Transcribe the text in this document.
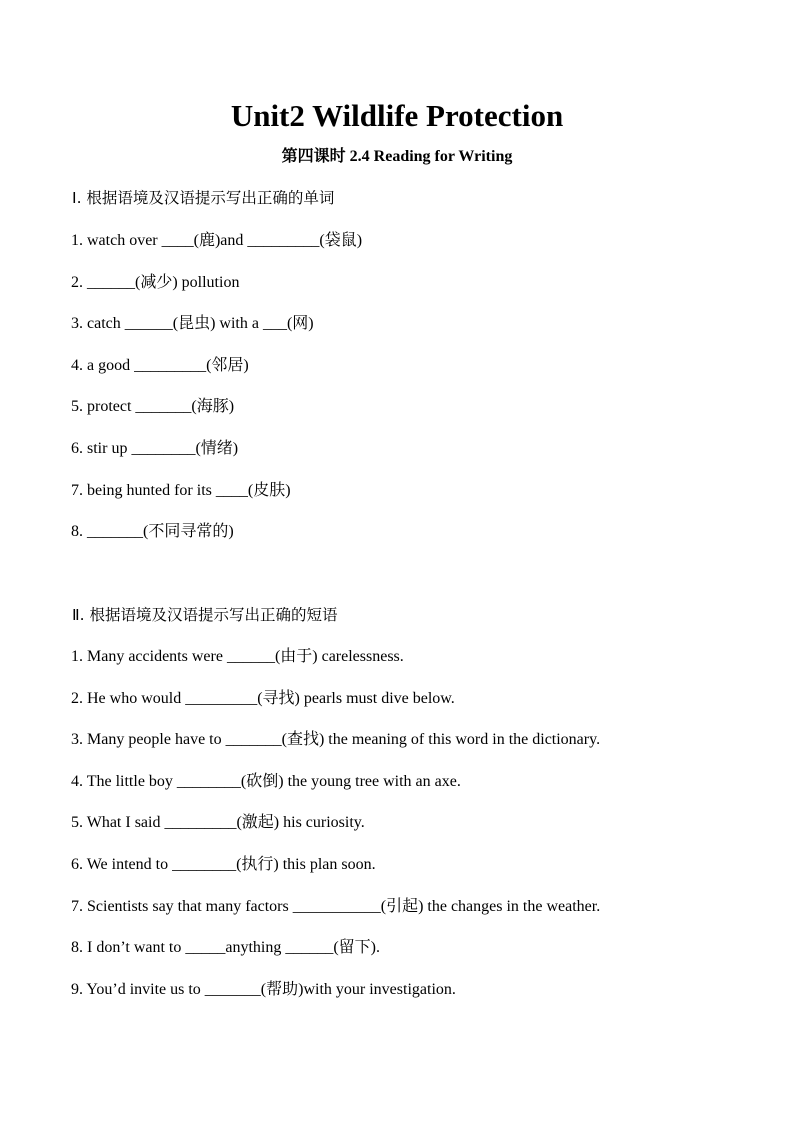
Unit2 Wildlife Protection
第四课时 2.4 Reading for Writing
Ⅰ. 根据语境及汉语提示写出正确的单词
1. watch over ____(鹿)and _________(袋鼠)
2. ______(减少) pollution
3. catch ______(昆虫) with a ___(网)
4. a good _________(邻居)
5. protect _______(海豚)
6. stir up ________(情绪)
7. being hunted for its ____(皮肤)
8. _______(不同寻常的)
Ⅱ. 根据语境及汉语提示写出正确的短语
1. Many accidents were ______(由于) carelessness.
2. He who would _________(寻找) pearls must dive below.
3. Many people have to _______(查找) the meaning of this word in the dictionary.
4. The little boy ________(砍倒) the young tree with an axe.
5. What I said _________(激起) his curiosity.
6. We intend to ________(执行) this plan soon.
7. Scientists say that many factors ___________(引起) the changes in the weather.
8. I don’t want to _____anything ______(留下).
9. You’d invite us to _______(帮助)with your investigation.
